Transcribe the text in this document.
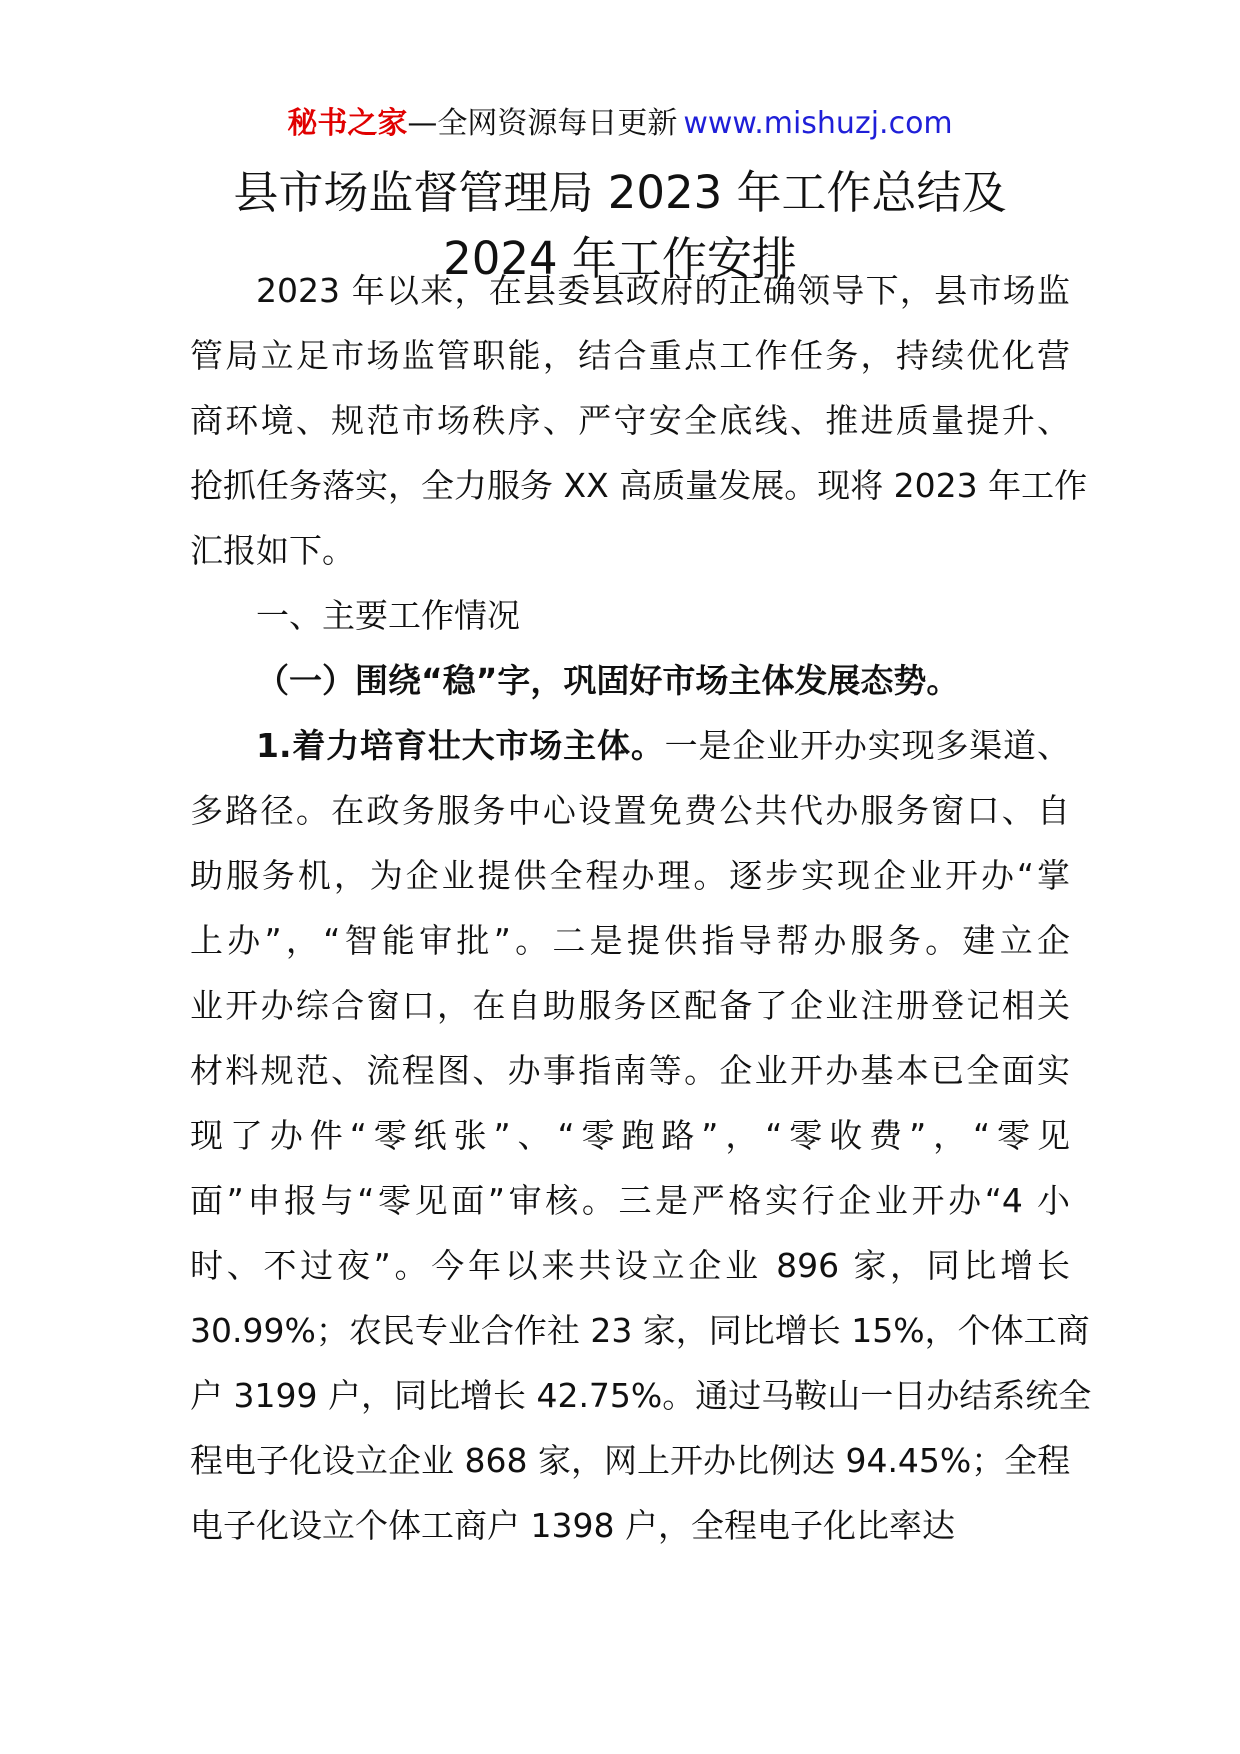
秘书之家—全网资源每日更新 www.mishuzj.com
县市场监督管理局 2023 年工作总结及
2024 年工作安排
2023 年以来，在县委县政府的正确领导下，县市场监
管局立足市场监管职能，结合重点工作任务，持续优化营
商环境、规范市场秩序、严守安全底线、推进质量提升、
抢抓任务落实，全力服务 XX 高质量发展。现将 2023 年工作
汇报如下。
一、主要工作情况
（一）围绕“稳”字，巩固好市场主体发展态势。
1.着力培育壮大市场主体。一是企业开办实现多渠道、
多路径。在政务服务中心设置免费公共代办服务窗口、自
助服务机，为企业提供全程办理。逐步实现企业开办“掌
上办”，“智能审批”。二是提供指导帮办服务。建立企
业开办综合窗口，在自助服务区配备了企业注册登记相关
材料规范、流程图、办事指南等。企业开办基本已全面实
现了办件“零纸张”、“零跑路”，“零收费”，“零见
面”申报与“零见面”审核。三是严格实行企业开办“4 小
时、不过夜”。今年以来共设立企业 896 家，同比增长
30.99%；农民专业合作社 23 家，同比增长 15%，个体工商
户 3199 户，同比增长 42.75%。通过马鞍山一日办结系统全
程电子化设立企业 868 家，网上开办比例达 94.45%；全程
电子化设立个体工商户 1398 户，全程电子化比率达
